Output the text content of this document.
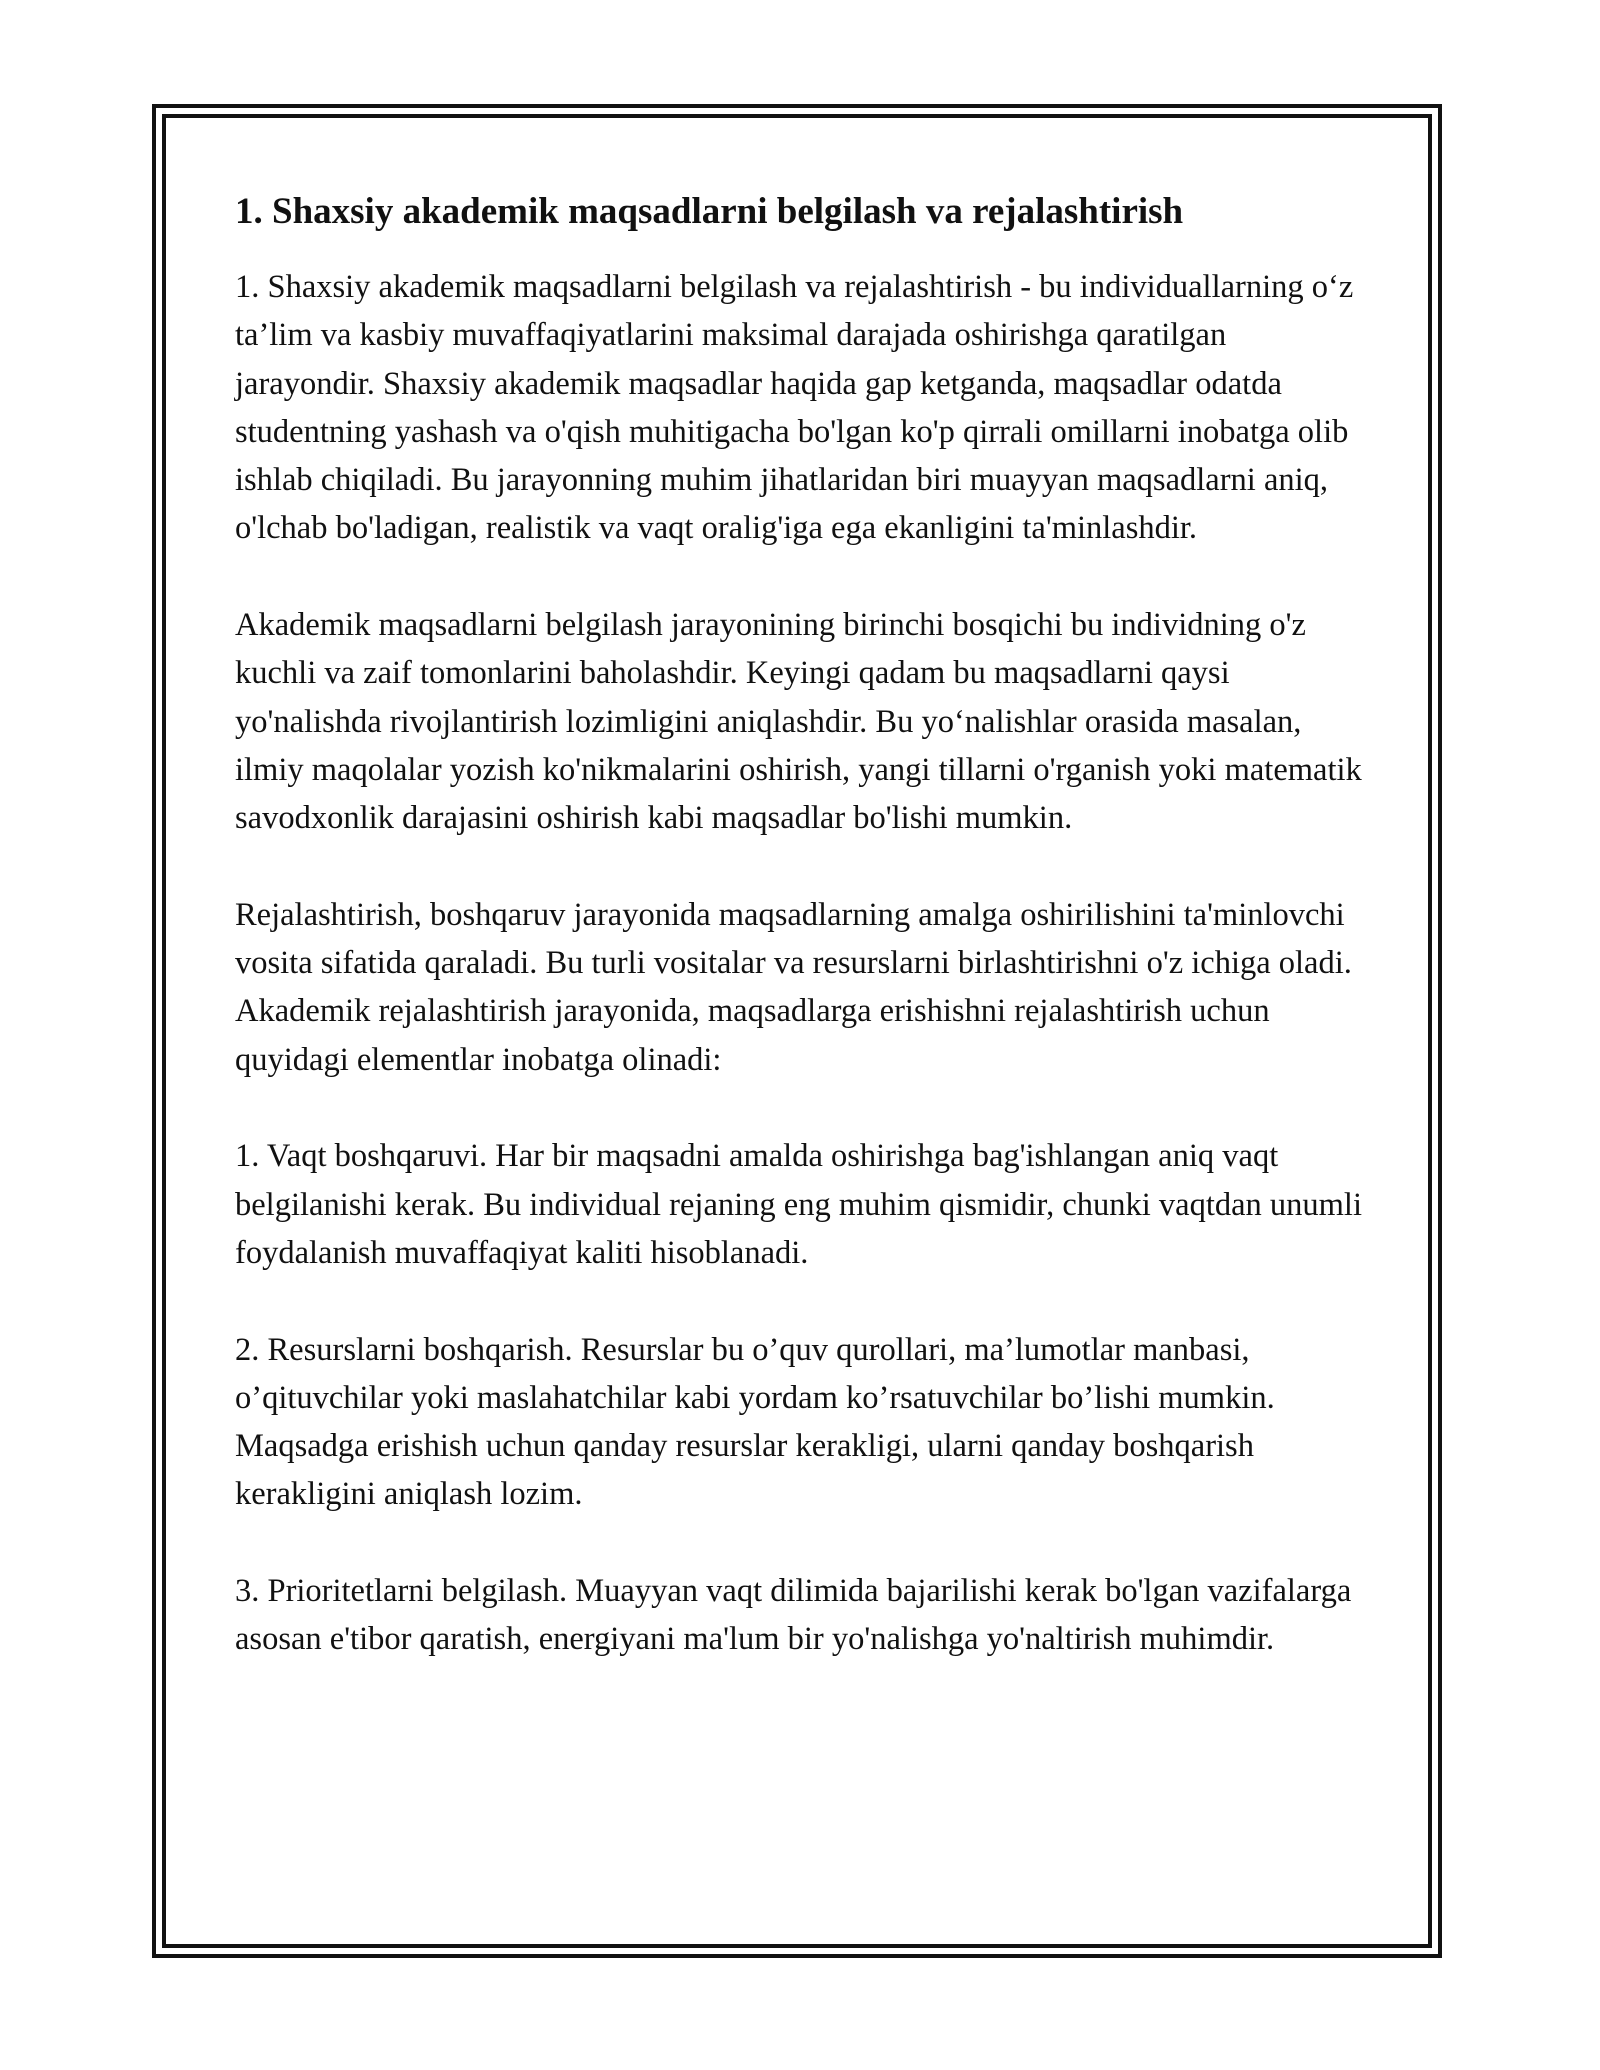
1. Shaxsiy akademik maqsadlarni belgilash va rejalashtirish

1. Shaxsiy akademik maqsadlarni belgilash va rejalashtirish - bu individuallarning o‘z ta’lim va kasbiy muvaffaqiyatlarini maksimal darajada oshirishga qaratilgan jarayondir. Shaxsiy akademik maqsadlar haqida gap ketganda, maqsadlar odatda studentning yashash va o'qish muhitigacha bo'lgan ko'p qirrali omillarni inobatga olib ishlab chiqiladi. Bu jarayonning muhim jihatlaridan biri muayyan maqsadlarni aniq, o'lchab bo'ladigan, realistik va vaqt oralig'iga ega ekanligini ta'minlashdir.

Akademik maqsadlarni belgilash jarayonining birinchi bosqichi bu individning o'z kuchli va zaif tomonlarini baholashdir. Keyingi qadam bu maqsadlarni qaysi yo'nalishda rivojlantirish lozimligini aniqlashdir. Bu yo‘nalishlar orasida masalan, ilmiy maqolalar yozish ko'nikmalarini oshirish, yangi tillarni o'rganish yoki matematik savodxonlik darajasini oshirish kabi maqsadlar bo'lishi mumkin.

Rejalashtirish, boshqaruv jarayonida maqsadlarning amalga oshirilishini ta'minlovchi vosita sifatida qaraladi. Bu turli vositalar va resurslarni birlashtirishni o'z ichiga oladi. Akademik rejalashtirish jarayonida, maqsadlarga erishishni rejalashtirish uchun quyidagi elementlar inobatga olinadi:

1. Vaqt boshqaruvi. Har bir maqsadni amalda oshirishga bag'ishlangan aniq vaqt belgilanishi kerak. Bu individual rejaning eng muhim qismidir, chunki vaqtdan unumli foydalanish muvaffaqiyat kaliti hisoblanadi.

2. Resurslarni boshqarish. Resurslar bu o’quv qurollari, ma’lumotlar manbasi, o’qituvchilar yoki maslahatchilar kabi yordam ko’rsatuvchilar bo’lishi mumkin. Maqsadga erishish uchun qanday resurslar kerakligi, ularni qanday boshqarish kerakligini aniqlash lozim.

3. Prioritetlarni belgilash. Muayyan vaqt dilimida bajarilishi kerak bo'lgan vazifalarga asosan e'tibor qaratish, energiyani ma'lum bir yo'nalishga yo'naltirish muhimdir.
